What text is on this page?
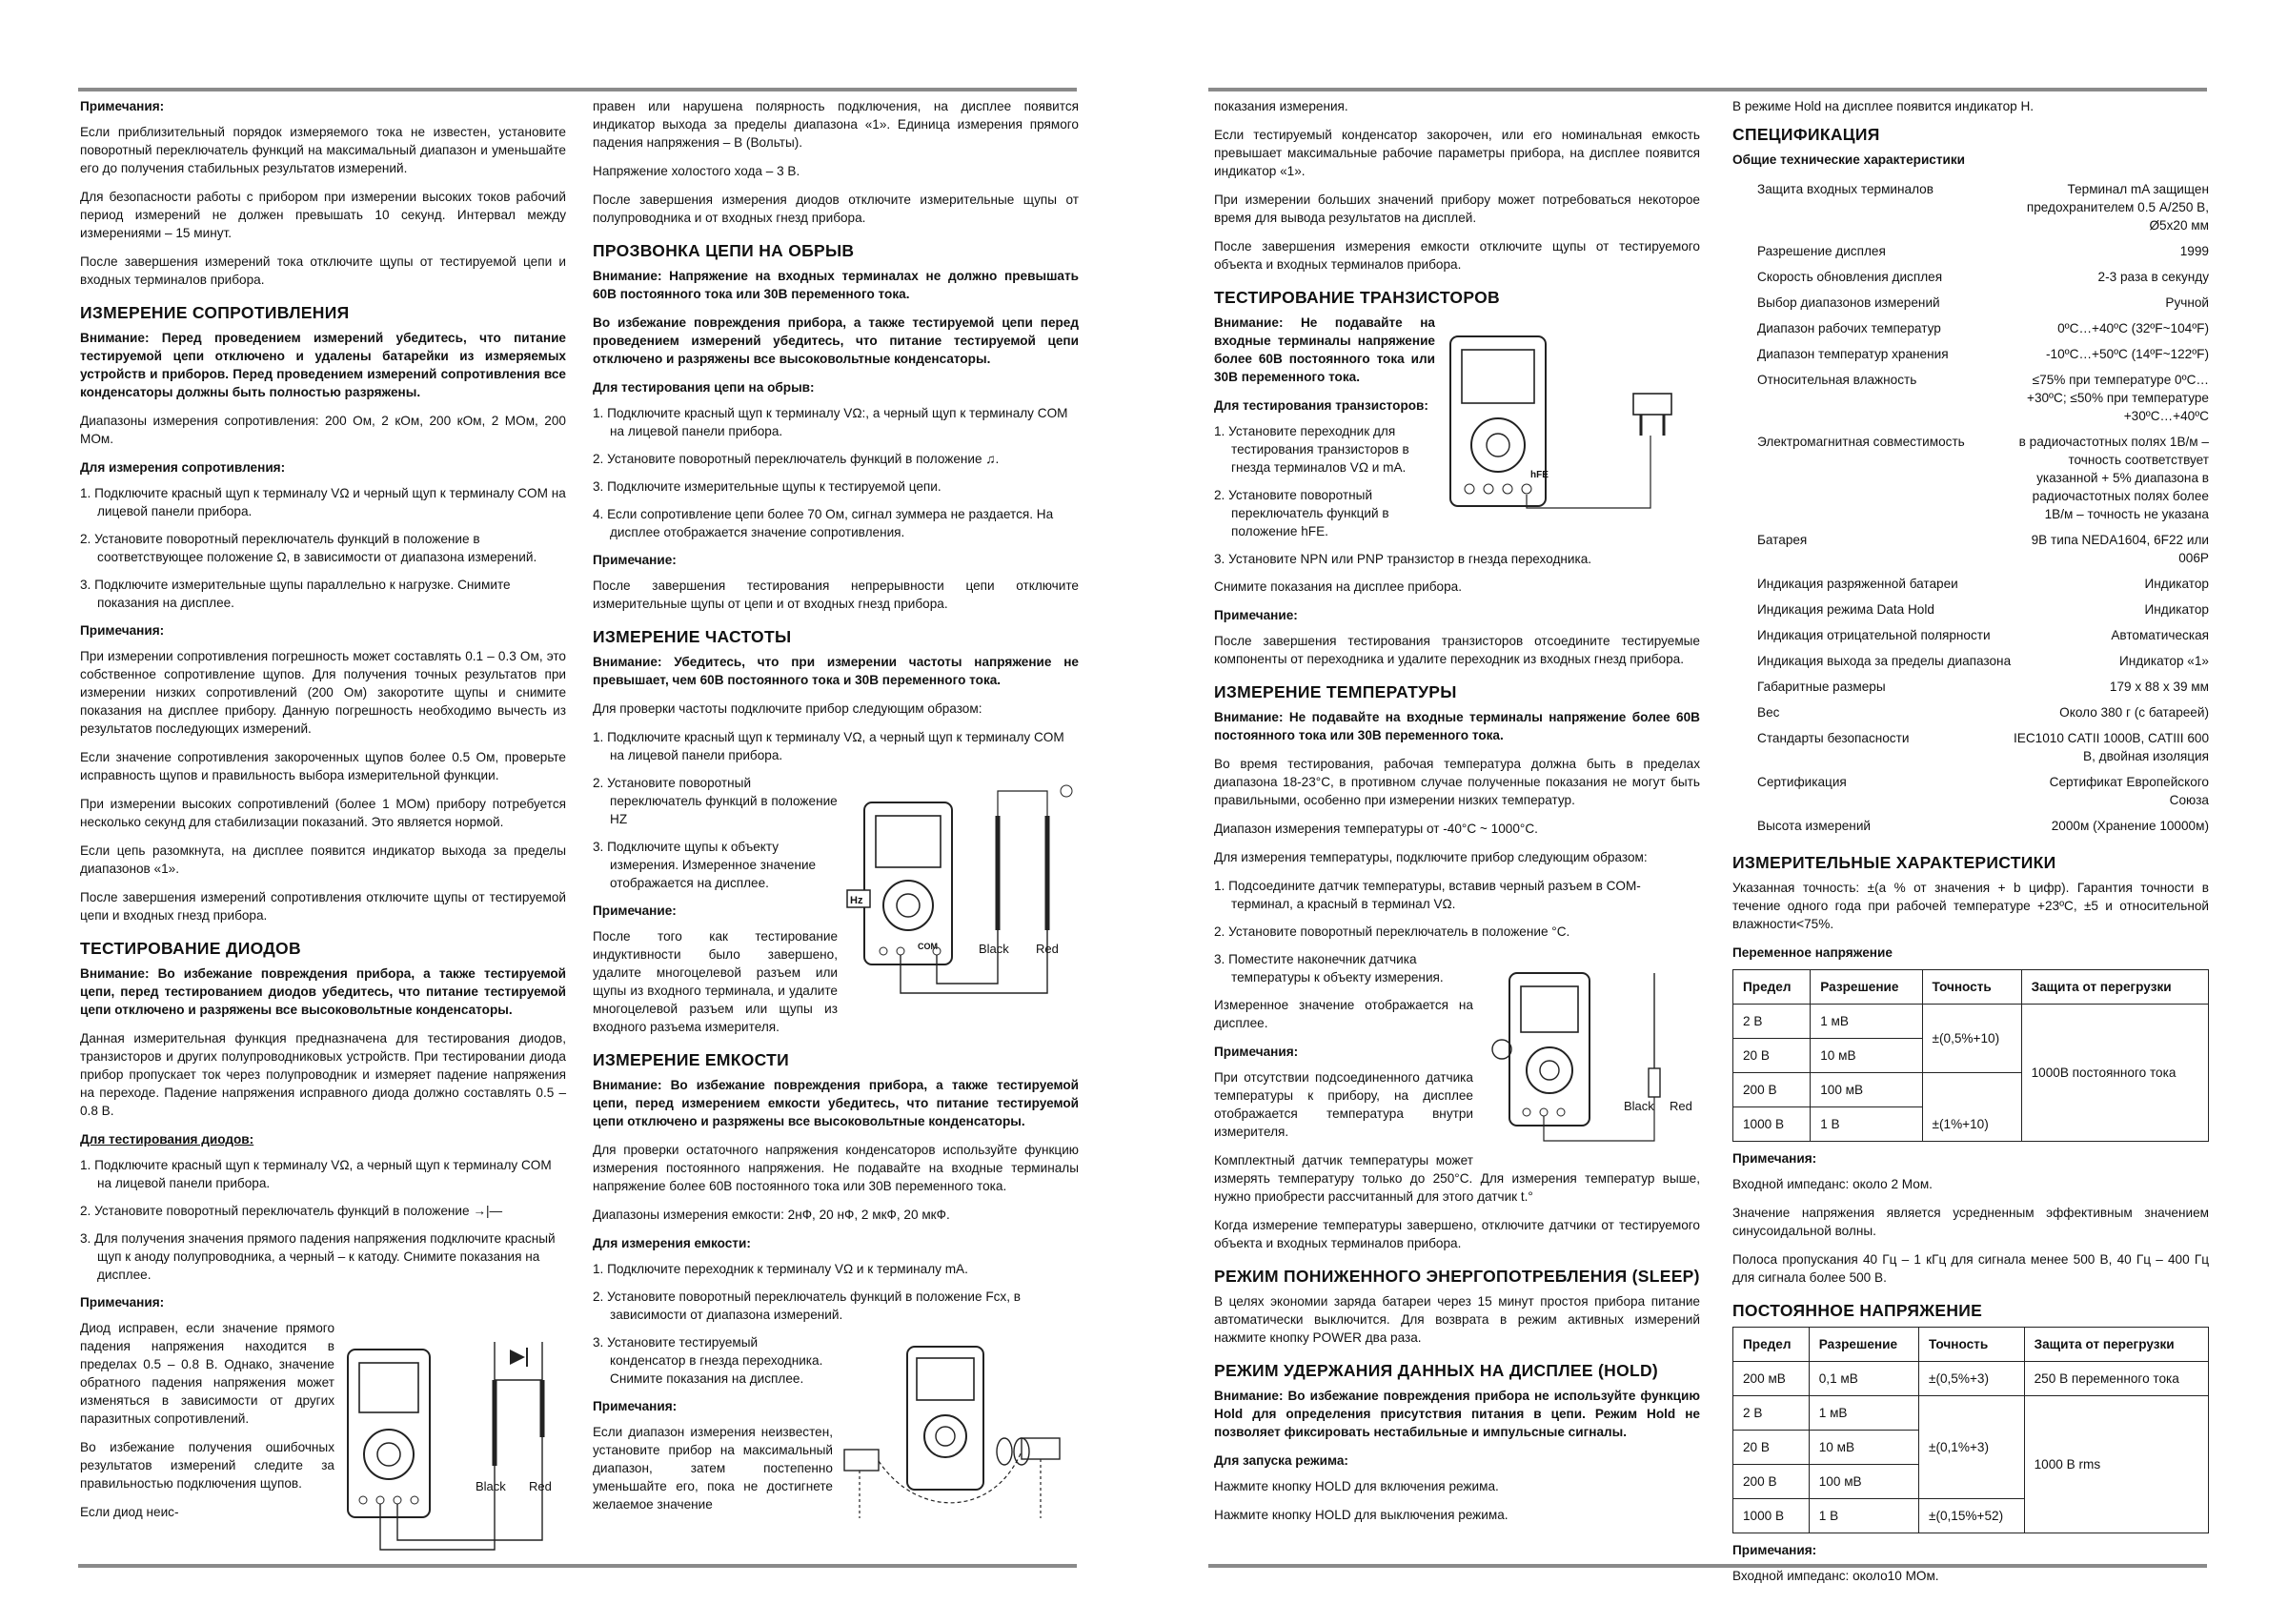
Примечания:

Если приблизительный порядок измеряемого тока не известен, установите поворотный переключатель функций на максимальный диапазон и уменьшайте его до получения стабильных результатов измерений.

Для безопасности работы с прибором при измерении высоких токов рабочий период измерений не должен превышать 10 секунд. Интервал между измерениями – 15 минут.

После завершения измерений тока отключите щупы от тестируемой цепи и входных терминалов прибора.

ИЗМЕРЕНИЕ СОПРОТИВЛЕНИЯ

Внимание: Перед проведением измерений убедитесь, что питание тестируемой цепи отключено и удалены батарейки из измеряемых устройств и приборов. Перед проведением измерений сопротивления все конденсаторы должны быть полностью разряжены.

Диапазоны измерения сопротивления: 200 Ом, 2 кОм, 200 кОм, 2 МОм, 200 МОм.

Для измерения сопротивления:
1. Подключите красный щуп к терминалу VΩ и черный щуп к терминалу COM на лицевой панели прибора.
2. Установите поворотный переключатель функций в положение в соответствующее положение Ω, в зависимости от диапазона измерений.
3. Подключите измерительные щупы параллельно к нагрузке. Снимите показания на дисплее.
Примечания:

При измерении сопротивления погрешность может составлять 0.1 – 0.3 Ом, это собственное сопротивление щупов. Для получения точных результатов при измерении низких сопротивлений (200 Ом) закоротите щупы и снимите показания на дисплее прибору. Данную погрешность необходимо вычесть из результатов последующих измерений.

Если значение сопротивления закороченных щупов более 0.5 Ом, проверьте исправность щупов и правильность выбора измерительной функции.

При измерении высоких сопротивлений (более 1 МОм) прибору потребуется несколько секунд для стабилизации показаний. Это является нормой.

Если цепь разомкнута, на дисплее появится индикатор выхода за пределы диапазонов «1».

После завершения измерений сопротивления отключите щупы от тестируемой цепи и входных гнезд прибора.

ТЕСТИРОВАНИЕ ДИОДОВ

Внимание: Во избежание повреждения прибора, а также тестируемой цепи, перед тестированием диодов убедитесь, что питание тестируемой цепи отключено и разряжены все высоковольтные конденсаторы.

Данная измерительная функция предназначена для тестирования диодов, транзисторов и других полупроводниковых устройств. При тестировании диода прибор пропускает ток через полупроводник и измеряет падение напряжения на переходе. Падение напряжения исправного диода должно составлять 0.5 – 0.8 В.

Для тестирования диодов:
1. Подключите красный щуп к терминалу VΩ, а черный щуп к терминалу COM на лицевой панели прибора.
2. Установите поворотный переключатель функций в положение →|—
3. Для получения значения прямого падения напряжения подключите красный щуп к аноду полупроводника, а черный – к катоду. Снимите показания на дисплее.
Примечания:
Black Red

Диод исправен, если значение прямого падения напряжения находится в пределах 0.5 – 0.8 В. Однако, значение обратного падения напряжения может изменяться в зависимости от других паразитных сопротивлений.

Во избежание получения ошибочных результатов измерений следите за правильностью подключения щупов.

Если диод неис-

правен или нарушена полярность подключения, на дисплее появится индикатор выхода за пределы диапазона «1». Единица измерения прямого падения напряжения – В (Вольты).

Напряжение холостого хода – 3 В.

После завершения измерения диодов отключите измерительные щупы от полупроводника и от входных гнезд прибора.

ПРОЗВОНКА ЦЕПИ НА ОБРЫВ

Внимание: Напряжение на входных терминалах не должно превышать 60В постоянного тока или 30В переменного тока.

Во избежание повреждения прибора, а также тестируемой цепи перед проведением измерений убедитесь, что питание тестируемой цепи отключено и разряжены все высоковольтные конденсаторы.

Для тестирования цепи на обрыв:
1. Подключите красный щуп к терминалу VΩ:, а черный щуп к терминалу COM на лицевой панели прибора.
2. Установите поворотный переключатель функций в положение ♫.
3. Подключите измерительные щупы к тестируемой цепи.
4. Если сопротивление цепи более 70 Ом, сигнал зуммера не раздается. На дисплее отображается значение сопротивления.
Примечание:

После завершения тестирования непрерывности цепи отключите измерительные щупы от цепи и от входных гнезд прибора.

ИЗМЕРЕНИЕ ЧАСТОТЫ

Внимание: Убедитесь, что при измерении частоты напряжение не превышает, чем 60В постоянного тока и 30В переменного тока.

Для проверки частоты подключите прибор следующим образом:

1. Подключите красный щуп к терминалу VΩ, а черный щуп к терминалу COM на лицевой панели прибора.
Hz
COM	Black Red
2. Установите поворотный переключатель функций в положение HZ
3. Подключите щупы к объекту измерения. Измеренное значение отображается на дисплее.
Примечание:

После того как тестирование индуктивности было завершено, удалите многоцелевой разъем или щупы из входного терминала, и удалите многоцелевой разъем или щупы из входного разъема измерителя.

ИЗМЕРЕНИЕ ЕМКОСТИ

Внимание: Во избежание повреждения прибора, а также тестируемой цепи, перед измерением емкости убедитесь, что питание тестируемой цепи отключено и разряжены все высоковольтные конденсаторы.

Для проверки остаточного напряжения конденсаторов используйте функцию измерения постоянного напряжения. Не подавайте на входные терминалы напряжение более 60В постоянного тока или 30В переменного тока.

Диапазоны измерения емкости: 2нФ, 20 нФ, 2 мкФ, 20 мкФ.

Для измерения емкости:
1. Подключите переходник к терминалу VΩ и к терминалу mA.
2. Установите поворотный переключатель функций в положение Fcx, в зависимости от диапазона измерений.
3. Установите тестируемый конденсатор в гнезда переходника. Снимите показания на дисплее.
Примечания:

Если диапазон измерения неизвестен, установите прибор на максимальный диапазон, затем постепенно уменьшайте его, пока не достигнете желаемое значение

показания измерения.

Если тестируемый конденсатор закорочен, или его номинальная емкость превышает максимальные рабочие параметры прибора, на дисплее появится индикатор «1».

При измерении больших значений прибору может потребоваться некоторое время для вывода результатов на дисплей.

После завершения измерения емкости отключите щупы от тестируемого объекта и входных терминалов прибора.

ТЕСТИРОВАНИЕ ТРАНЗИСТОРОВ
hFE

Внимание: Не подавайте на входные терминалы напряжение более 60В постоянного тока или 30В переменного тока.

Для тестирования транзисторов:
1. Установите переходник для тестирования транзисторов в гнезда терминалов VΩ и mA.
2. Установите поворотный переключатель функций в положение hFE.
3. Установите NPN или PNP транзистор в гнезда переходника.

Снимите показания на дисплее прибора.

Примечание:

После завершения тестирования транзисторов отсоедините тестируемые компоненты от переходника и удалите переходник из входных гнезд прибора.

ИЗМЕРЕНИЕ ТЕМПЕРАТУРЫ

Внимание: Не подавайте на входные терминалы напряжение более 60В постоянного тока или 30В переменного тока.

Во время тестирования, рабочая температура должна быть в пределах диапазона 18-23°C, в противном случае полученные показания не могут быть правильными, особенно при измерении низких температур.

Диапазон измерения температуры от -40°C ~ 1000°C.

Для измерения температуры, подключите прибор следующим образом:

1. Подсоедините датчик температуры, вставив черный разъем в COM-терминал, а красный в терминал VΩ.
2. Установите поворотный переключатель в положение °C.
Black Red
3. Поместите наконечник датчика температуры к объекту измерения.

Измеренное значение отображается на дисплее.

Примечания:

При отсутствии подсоединенного датчика температуры к прибору, на дисплее отображается температура внутри измерителя.

Комплектный датчик температуры может измерять температуру только до 250°C. Для измерения температур выше, нужно приобрести рассчитанный для этого датчик t.°

Когда измерение температуры завершено, отключите датчики от тестируемого объекта и входных терминалов прибора.

РЕЖИМ ПОНИЖЕННОГО ЭНЕРГОПОТРЕБЛЕНИЯ (SLEEP)

В целях экономии заряда батареи через 15 минут простоя прибора питание автоматически выключится. Для возврата в режим активных измерений нажмите кнопку POWER два раза.

РЕЖИМ УДЕРЖАНИЯ ДАННЫХ НА ДИСПЛЕЕ (HOLD)

Внимание: Во избежание повреждения прибора не используйте функцию Hold для определения присутствия питания в цепи. Режим Hold не позволяет фиксировать нестабильные и импульсные сигналы.

Для запуска режима:

Нажмите кнопку HOLD для включения режима.

Нажмите кнопку HOLD для выключения режима.

В режиме Hold на дисплее появится индикатор H.

СПЕЦИФИКАЦИЯ
Общие технические характеристики
Защита входных терминалов	Терминал mA защищен предохранителем 0.5 A/250 В, Ø5x20 мм
Разрешение дисплея	1999
Скорость обновления дисплея	2-3 раза в секунду
Выбор диапазонов измерений	Ручной
Диапазон рабочих температур	0ºC…+40ºC (32ºF~104ºF)
Диапазон температур хранения	-10ºC…+50ºC (14ºF~122ºF)
Относительная влажность	≤75% при температуре 0ºC…+30ºC; ≤50% при температуре +30ºC…+40ºC
Электромагнитная совместимость	в радиочастотных полях 1В/м – точность соответствует указанной + 5% диапазона в радиочастотных полях более 1В/м – точность не указана
Батарея	9В типа NEDA1604, 6F22 или 006P
Индикация разряженной батареи	Индикатор
Индикация режима Data Hold	Индикатор
Индикация отрицательной полярности	Автоматическая
Индикация выхода за пределы диапазона	Индикатор «1»
Габаритные размеры	179 х 88 х 39 мм
Вес	Около 380 г (с батареей)
Стандарты безопасности	IEC1010 CATII 1000В, CATIII 600 В, двойная изоляция
Сертификация	Сертификат Европейского Союза
Высота измерений	2000м (Хранение 10000м)
ИЗМЕРИТЕЛЬНЫЕ ХАРАКТЕРИСТИКИ

Указанная точность: ±(а % от значения + b цифр). Гарантия точности в течение одного года при рабочей температуре +23ºC, ±5 и относительной влажности<75%.

Переменное напряжение
Предел	Разрешение	Точность	Защита от перегрузки
2 В	1 мВ	±(0,5%+10)	1000В постоянного тока
20 В	10 мВ		
200 В	100 мВ	±(1%+10)	
1000 В	1 В		
Примечания:

Входной импеданс: около 2 Мом.

Значение напряжения является усредненным эффективным значением синусоидальной волны.

Полоса пропускания 40 Гц – 1 кГц для сигнала менее 500 В, 40 Гц – 400 Гц для сигнала более 500 В.

ПОСТОЯННОЕ НАПРЯЖЕНИЕ
Предел	Разрешение	Точность	Защита от перегрузки
200 мВ	0,1 мВ	±(0,5%+3)	250 В переменного тока
2 В	1 мВ	±(0,1%+3)	1000 В rms
20 В	10 мВ		
200 В	100 мВ		
1000 В	1 В	±(0,15%+52)	
Примечания:

Входной импеданс: около10 МОм.
